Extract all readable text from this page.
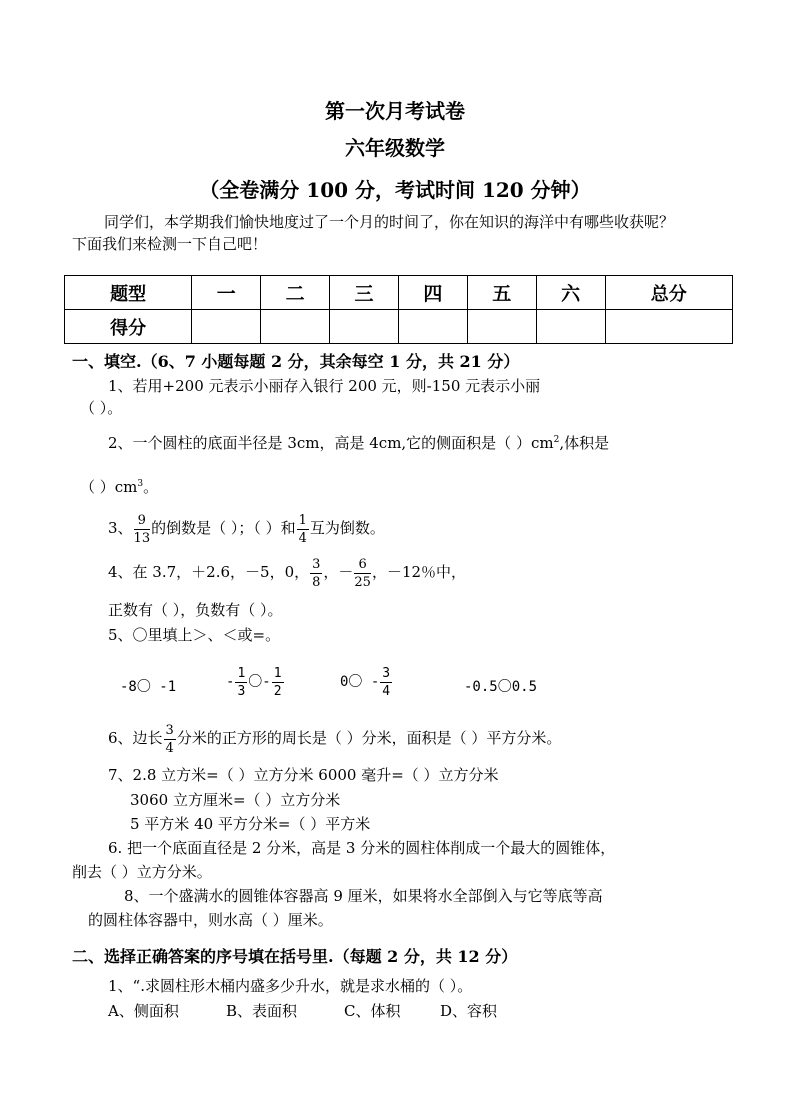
第一次月考试卷
六年级数学
（全卷满分 100 分，考试时间 120 分钟）
同学们，本学期我们愉快地度过了一个月的时间了，你在知识的海洋中有哪些收获呢？
下面我们来检测一下自己吧！
题型	一	二	三	四	五	六	总分
得分							
一、填空.（6、7 小题每题 2 分，其余每空 1 分，共 21 分）
1、若用+200 元表示小丽存入银行 200 元，则-150 元表示小丽
（ ）。
2、一个圆柱的底面半径是 3cm，高是 4cm,它的侧面积是（ ）$cm^2$,体积是
（ ）$cm^3$。
3、 $\frac{9}{13}$ 的倒数是（ ）；（ ）和 $\frac{1}{4}$ 互为倒数。
4、在 3.7，＋2.6，－5，0， $\frac{3}{8}$ ，－ $\frac{6}{25}$ ，－12％中，
正数有（ ），负数有（ ）。
5、〇里填上＞、＜或=。
-8〇 -1	- $\frac{1}{3}$ 〇- $\frac{1}{2}$	0〇 - $\frac{3}{4}$	-0.5〇0.5
6、边长 $\frac{3}{4}$ 分米的正方形的周长是（ ）分米，面积是（ ）平方分米。
7、2.8 立方米=（ ）立方分米 6000 毫升=（ ）立方分米
3060 立方厘米=（ ）立方分米
5 平方米 40 平方分米=（ ）平方米
6. 把一个底面直径是 2 分米，高是 3 分米的圆柱体削成一个最大的圆锥体，
削去（ ）立方分米。
8、一个盛满水的圆锥体容器高 9 厘米，如果将水全部倒入与它等底等高
的圆柱体容器中，则水高（ ）厘米。
二、选择正确答案的序号填在括号里.（每题 2 分，共 12 分）
1、“.求圆柱形木桶内盛多少升水，就是求水桶的（ ）。
A、侧面积	B、表面积	C、体积	D、容积
